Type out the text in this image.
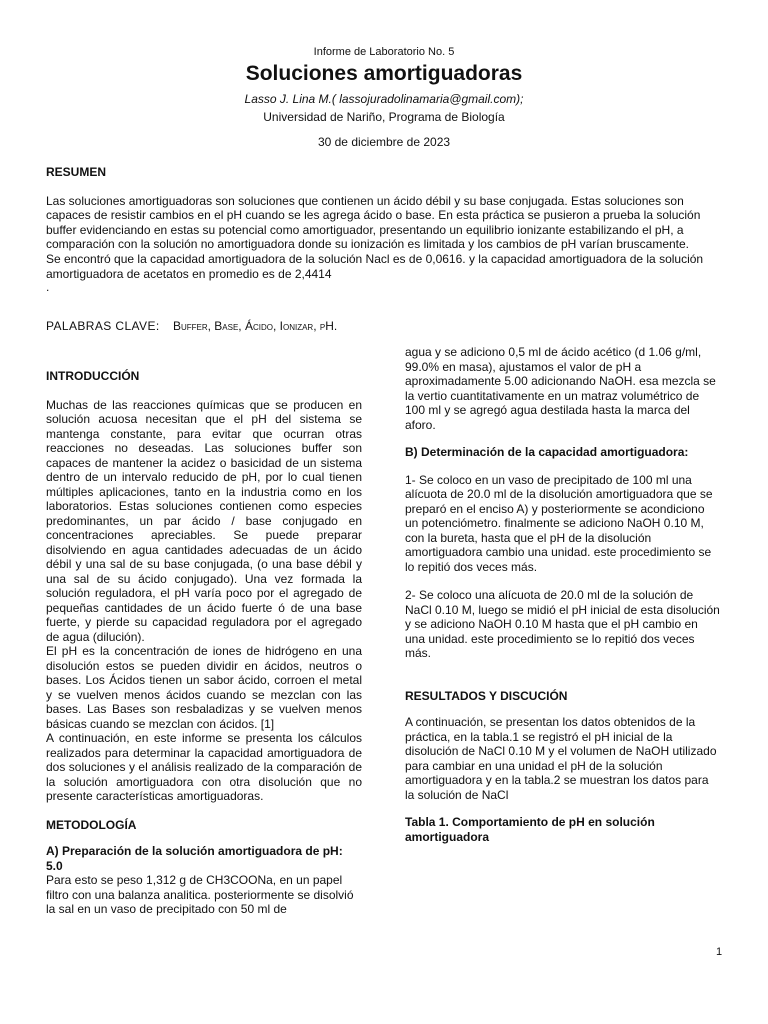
Informe de Laboratorio No. 5
Soluciones amortiguadoras
Lasso J. Lina M.( lassojuradolinamaria@gmail.com);
Universidad de Nariño, Programa de Biología
30 de diciembre de 2023
RESUMEN

Las soluciones amortiguadoras son soluciones que contienen un ácido débil y su base conjugada. Estas soluciones son capaces de resistir cambios en el pH cuando se les agrega ácido o base. En esta práctica se pusieron a prueba la solución buffer evidenciando en estas su potencial como amortiguador, presentando un equilibrio ionizante estabilizando el pH, a comparación con la solución no amortiguadora donde su ionización es limitada y los cambios de pH varían bruscamente.

Se encontró que la capacidad amortiguadora de la solución Nacl es de 0,0616. y la capacidad amortiguadora de la solución amortiguadora de acetatos en promedio es de 2,4414

.

PALABRAS CLAVE: Buffer, Base, Ácido, Ionizar, pH.
INTRODUCCIÓN

Muchas de las reacciones químicas que se producen en solución acuosa necesitan que el pH del sistema se mantenga constante, para evitar que ocurran otras reacciones no deseadas. Las soluciones buffer son capaces de mantener la acidez o basicidad de un sistema dentro de un intervalo reducido de pH, por lo cual tienen múltiples aplicaciones, tanto en la industria como en los laboratorios. Estas soluciones contienen como especies predominantes, un par ácido / base conjugado en concentraciones apreciables. Se puede preparar disolviendo en agua cantidades adecuadas de un ácido débil y una sal de su base conjugada, (o una base débil y una sal de su ácido conjugado). Una vez formada la solución reguladora, el pH varía poco por el agregado de pequeñas cantidades de un ácido fuerte ó de una base fuerte, y pierde su capacidad reguladora por el agregado de agua (dilución).

El pH es la concentración de iones de hidrógeno en una disolución estos se pueden dividir en ácidos, neutros o bases. Los Ácidos tienen un sabor ácido, corroen el metal y se vuelven menos ácidos cuando se mezclan con las bases. Las Bases son resbaladizas y se vuelven menos básicas cuando se mezclan con ácidos. [1]

A continuación, en este informe se presenta los cálculos realizados para determinar la capacidad amortiguadora de dos soluciones y el análisis realizado de la comparación de la solución amortiguadora con otra disolución que no presente características amortiguadoras.

METODOLOGÍA
A) Preparación de la solución amortiguadora de pH: 5.0

Para esto se peso 1,312 g de CH3COONa, en un papel filtro con una balanza analitica. posteriormente se disolvió la sal en un vaso de precipitado con 50 ml de

agua y se adiciono 0,5 ml de ácido acético (d 1.06 g/ml, 99.0% en masa), ajustamos el valor de pH a aproximadamente 5.00 adicionando NaOH. esa mezcla se la vertio cuantitativamente en un matraz volumétrico de 100 ml y se agregó agua destilada hasta la marca del aforo.

B) Determinación de la capacidad amortiguadora:

1- Se coloco en un vaso de precipitado de 100 ml una alícuota de 20.0 ml de la disolución amortiguadora que se preparó en el enciso A) y posteriormente se acondiciono un potenciómetro. finalmente se adiciono NaOH 0.10 M, con la bureta, hasta que el pH de la disolución amortiguadora cambio una unidad. este procedimiento se lo repitió dos veces más.

2- Se coloco una alícuota de 20.0 ml de la solución de NaCl 0.10 M, luego se midió el pH inicial de esta disolución y se adiciono NaOH 0.10 M hasta que el pH cambio en una unidad. este procedimiento se lo repitió dos veces más.

RESULTADOS Y DISCUCIÓN

A continuación, se presentan los datos obtenidos de la práctica, en la tabla.1 se registró el pH inicial de la disolución de NaCl 0.10 M y el volumen de NaOH utilizado para cambiar en una unidad el pH de la solución amortiguadora y en la tabla.2 se muestran los datos para la solución de NaCl

Tabla 1. Comportamiento de pH en solución amortiguadora
1
